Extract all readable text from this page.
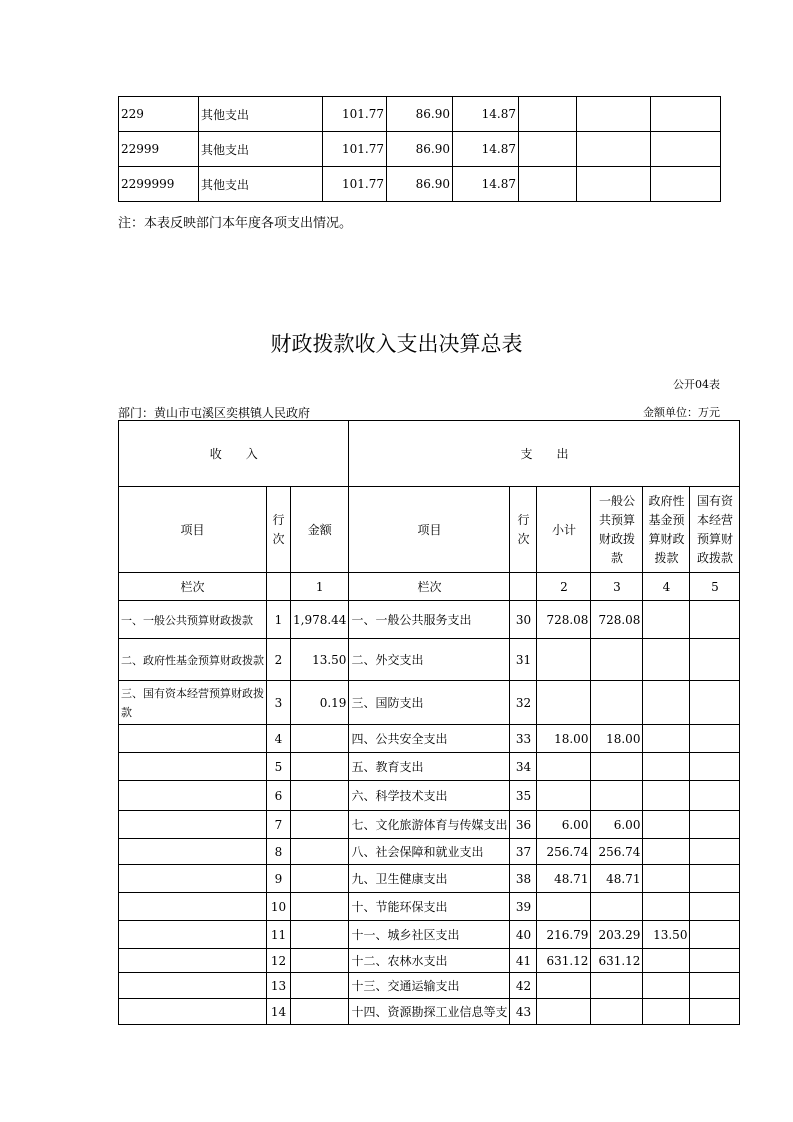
229	其他支出	101.77	86.90	14.87			
22999	其他支出	101.77	86.90	14.87			
2299999	其他支出	101.77	86.90	14.87			
注：本表反映部门本年度各项支出情况。
财政拨款收入支出决算总表
公开04表
部门：黄山市屯溪区奕棋镇人民政府	金额单位：万元
收　　入			支　　出					
项目	行次	金额	项目	行次	小计	一般公共预算财政拨款	政府性基金预算财政拨款	国有资本经营预算财政拨款
栏次		1	栏次		2	3	4	5
一、一般公共预算财政拨款	1	1,978.44	一、一般公共服务支出	30	728.08	728.08		
二、政府性基金预算财政拨款	2	13.50	二、外交支出	31				
三、国有资本经营预算财政拨款	3	0.19	三、国防支出	32				
	4		四、公共安全支出	33	18.00	18.00		
	5		五、教育支出	34				
	6		六、科学技术支出	35				
	7		七、文化旅游体育与传媒支出	36	6.00	6.00		
	8		八、社会保障和就业支出	37	256.74	256.74		
	9		九、卫生健康支出	38	48.71	48.71		
	10		十、节能环保支出	39				
	11		十一、城乡社区支出	40	216.79	203.29	13.50	
	12		十二、农林水支出	41	631.12	631.12		
	13		十三、交通运输支出	42				
	14		十四、资源勘探工业信息等支	43				
